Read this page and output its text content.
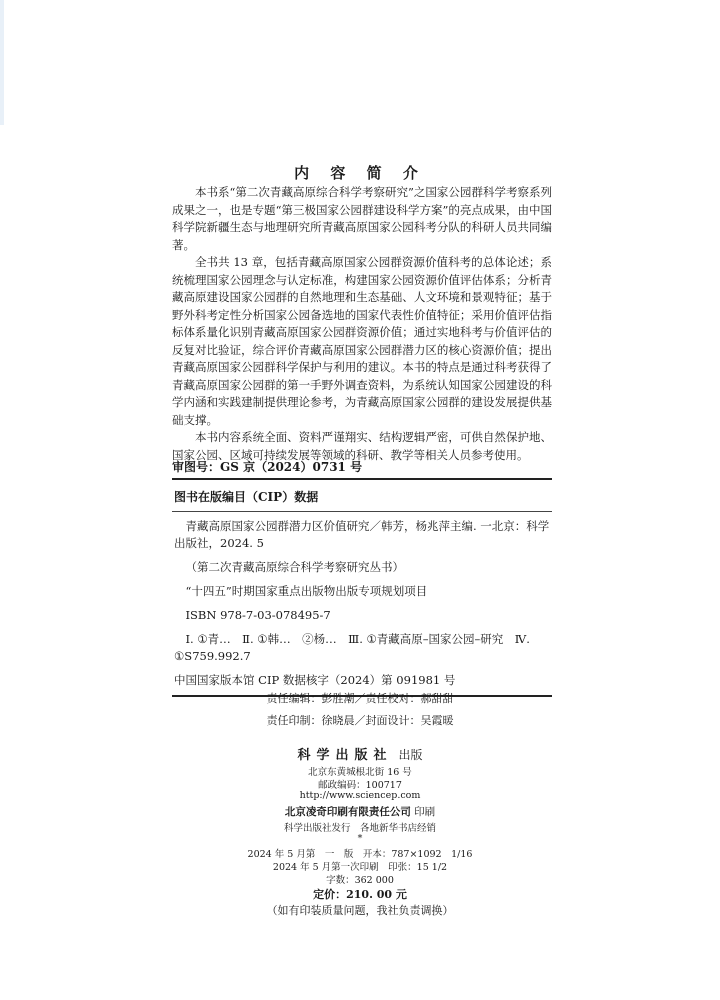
内 容 简 介

本书系“第二次青藏高原综合科学考察研究”之国家公园群科学考察系列成果之一，也是专题“第三极国家公园群建设科学方案”的亮点成果，由中国科学院新疆生态与地理研究所青藏高原国家公园科考分队的科研人员共同编著。

全书共 13 章，包括青藏高原国家公园群资源价值科考的总体论述；系统梳理国家公园理念与认定标准，构建国家公园资源价值评估体系；分析青藏高原建设国家公园群的自然地理和生态基础、人文环境和景观特征；基于野外科考定性分析国家公园备选地的国家代表性价值特征；采用价值评估指标体系量化识别青藏高原国家公园群资源价值；通过实地科考与价值评估的反复对比验证，综合评价青藏高原国家公园群潜力区的核心资源价值；提出青藏高原国家公园群科学保护与利用的建议。本书的特点是通过科考获得了青藏高原国家公园群的第一手野外调查资料，为系统认知国家公园建设的科学内涵和实践建制提供理论参考，为青藏高原国家公园群的建设发展提供基础支撑。

本书内容系统全面、资料严谨翔实、结构逻辑严密，可供自然保护地、国家公园、区域可持续发展等领域的科研、教学等相关人员参考使用。

审图号：GS 京（2024）0731 号
图书在版编目（CIP）数据

青藏高原国家公园群潜力区价值研究／韩芳，杨兆萍主编. 一北京：科学出版社，2024. 5

（第二次青藏高原综合科学考察研究丛书）

“十四五”时期国家重点出版物出版专项规划项目

ISBN 978-7-03-078495-7

Ⅰ. ①青…　Ⅱ. ①韩…　②杨…　Ⅲ. ①青藏高原–国家公园–研究　Ⅳ. ①S759.992.7

中国国家版本馆 CIP 数据核字（2024）第 091981 号

责任编辑：彭胜潮／责任校对：郝甜甜
责任印制：徐晓晨／封面设计：吴霞暖
科学出版社 出版
北京东黄城根北街 16 号
邮政编码：100717
http://www.sciencep.com
北京凌奇印刷有限责任公司 印刷
科学出版社发行　各地新华书店经销
*
2024 年 5 月第　一　版　开本：787×1092　1/16
2024 年 5 月第一次印刷　印张：15 1/2
字数：362 000
定价：210. 00 元
（如有印装质量问题，我社负责调换）
